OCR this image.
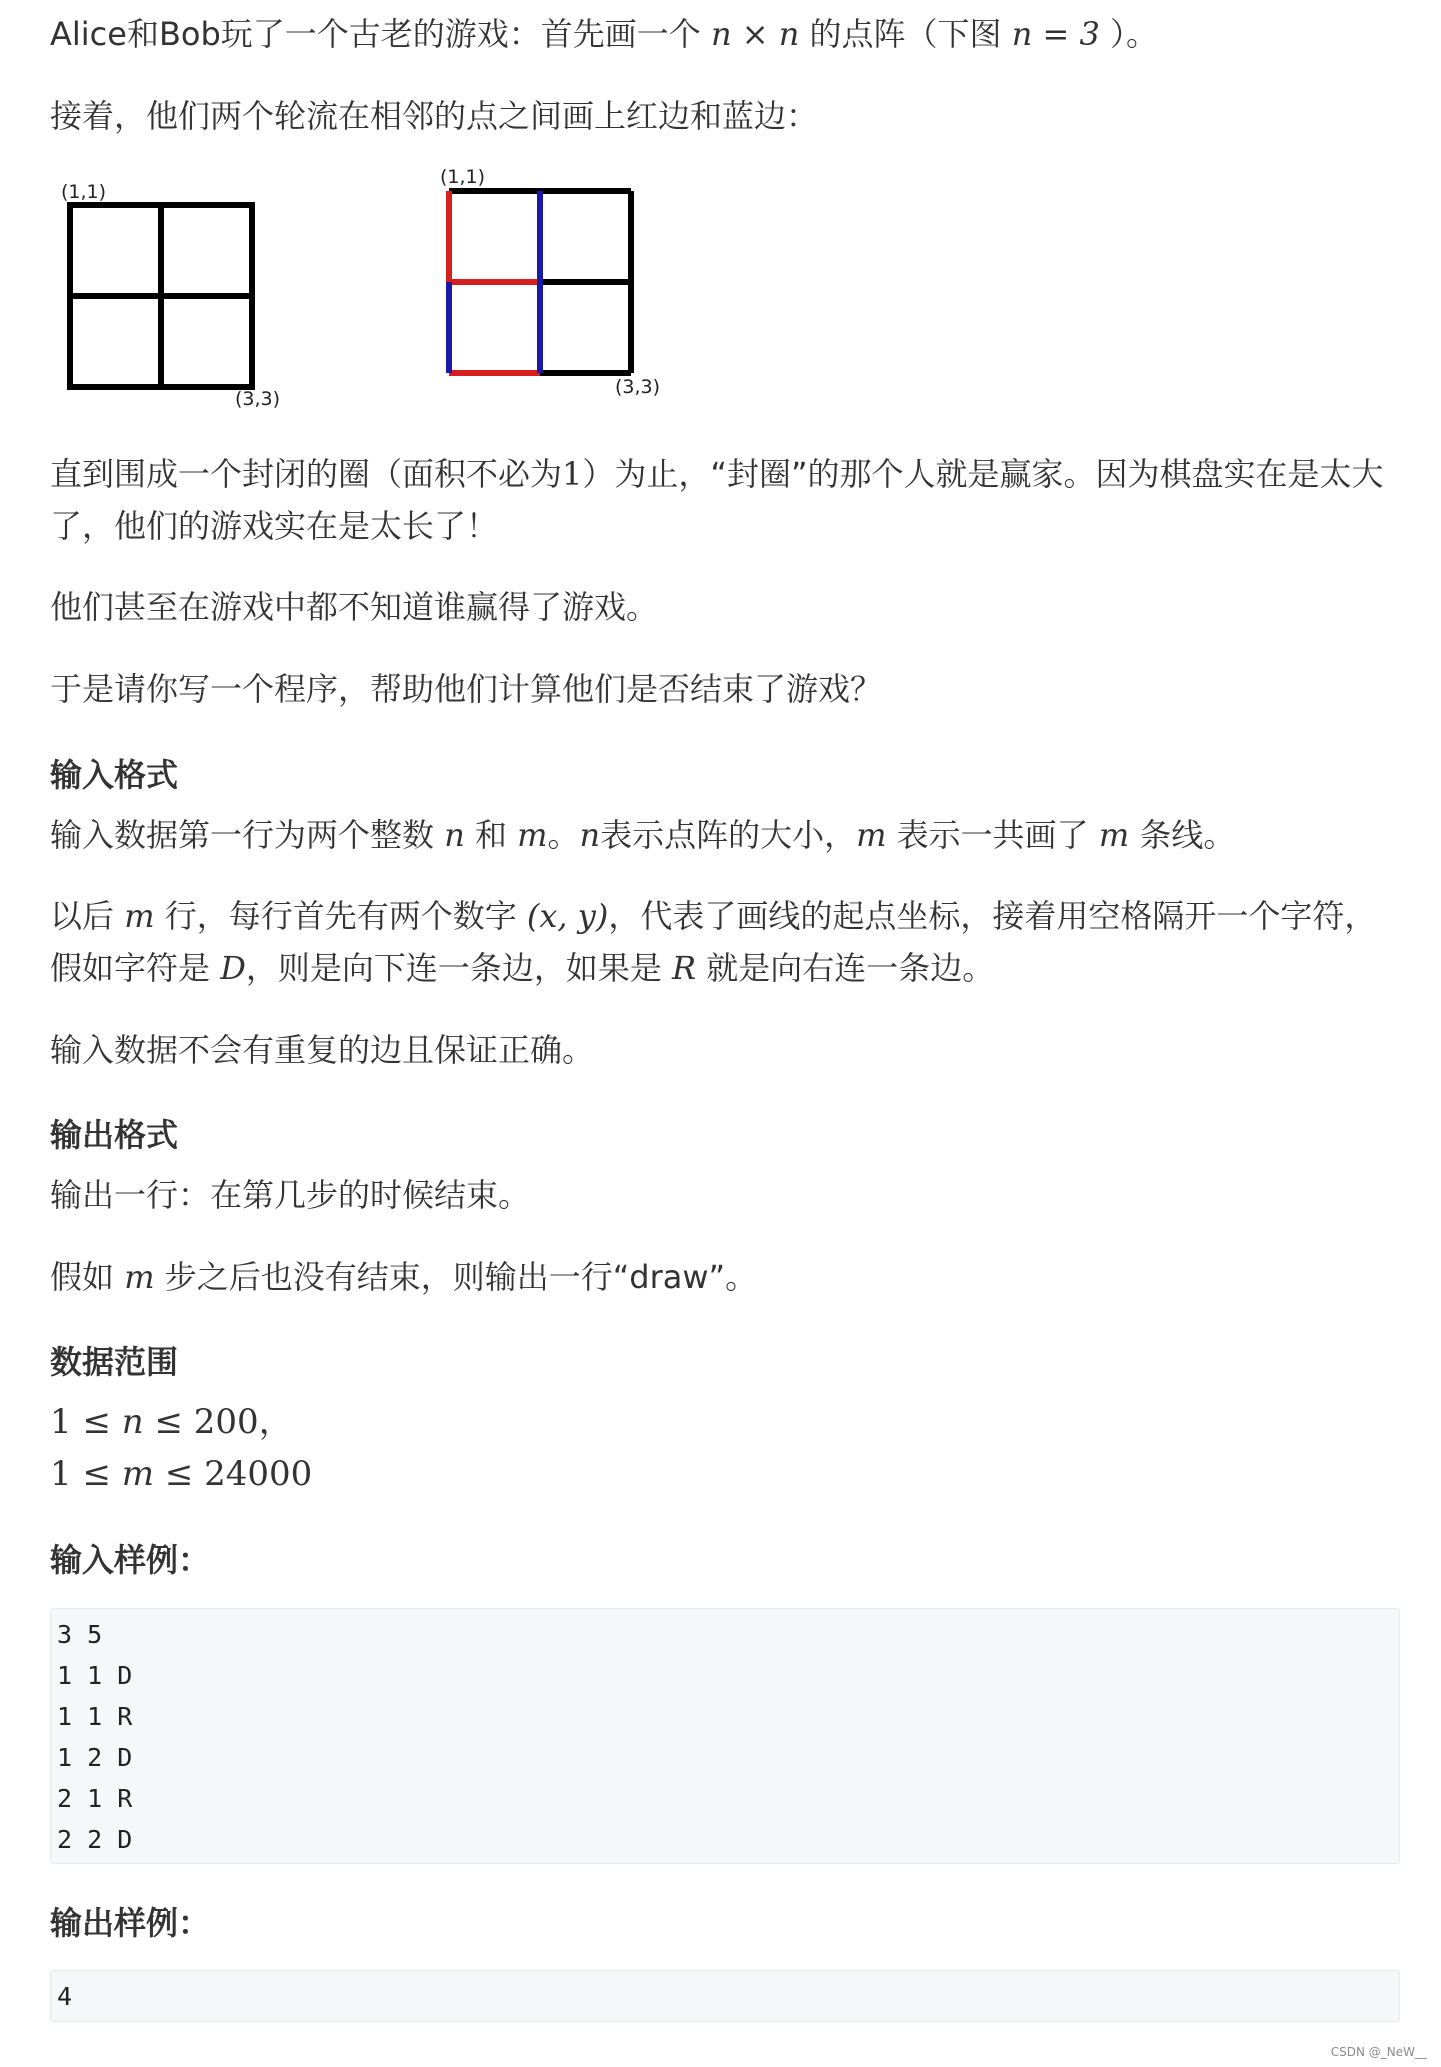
Alice和Bob玩了一个古老的游戏：首先画一个 n × n 的点阵（下图 n = 3 ）。

接着，他们两个轮流在相邻的点之间画上红边和蓝边：

(1,1)
(3,3)
(1,1)
(3,3)

直到围成一个封闭的圈（面积不必为1）为止，“封圈”的那个人就是赢家。因为棋盘实在是太大了，他们的游戏实在是太长了！

他们甚至在游戏中都不知道谁赢得了游戏。

于是请你写一个程序，帮助他们计算他们是否结束了游戏？

输入格式

输入数据第一行为两个整数 n 和 m。n表示点阵的大小，m 表示一共画了 m 条线。

以后 m 行，每行首先有两个数字 (x, y)，代表了画线的起点坐标，接着用空格隔开一个字符，假如字符是 D，则是向下连一条边，如果是 R 就是向右连一条边。

输入数据不会有重复的边且保证正确。

输出格式

输出一行：在第几步的时候结束。

假如 m 步之后也没有结束，则输出一行“draw”。

数据范围

1 ≤ n ≤ 200，

1 ≤ m ≤ 24000

输入样例：
3 5
1 1 D
1 1 R
1 2 D
2 1 R
2 2 D
输出样例：
4
CSDN @_NeW__
